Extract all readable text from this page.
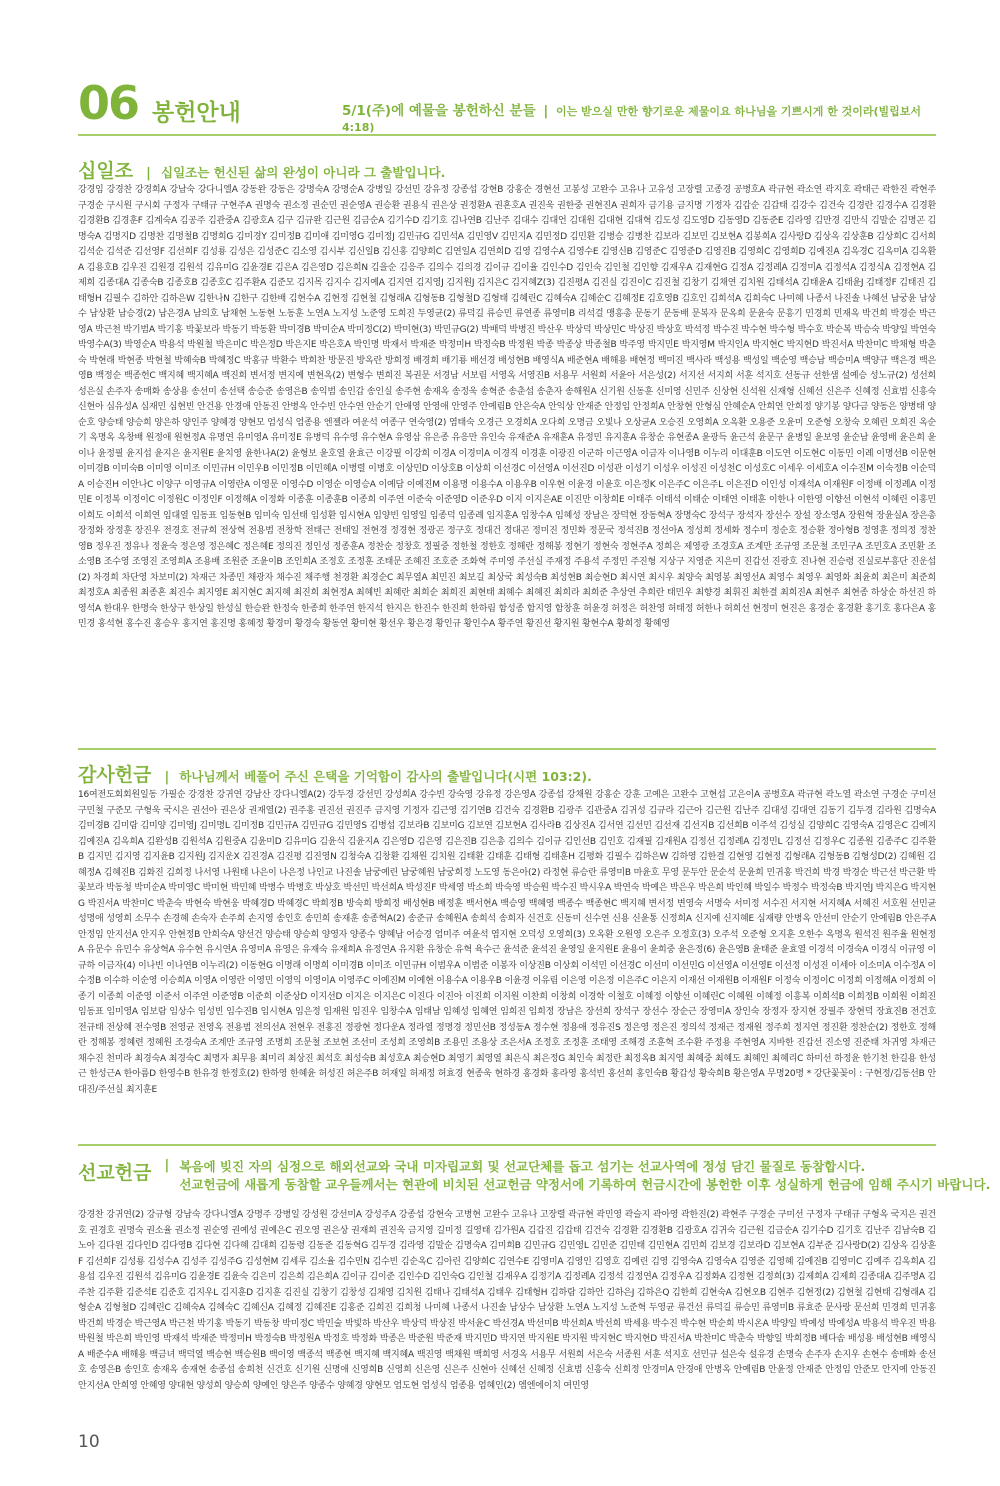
06 봉헌안내	5/1(주)에 예물을 봉헌하신 분들 | 이는 받으실 만한 향기로운 제물이요 하나님을 기쁘시게 한 것이라(빌립보서 4:18)
십일조 | 십일조는 헌신된 삶의 완성이 아니라 그 출발입니다.
강경임 강경찬 강경희A 강남숙 강다니엘A 강동완 강동은 강명숙A 강명순A 강병일 강선민 강유정 강종섭 강현B 강홍순 경현선 고봉성 고완수 고유나 고유성 고장렬 고종경 공병호A 곽규현 곽소연 곽지호 곽태근 곽한진 곽현주 구경순 구시원 구시회 구정자 구태규 구현주A 권명숙 권소정 권순민 권순영A 권승환 권용식 권은상 권정환A 권혼호A 권진욱 권한중 권현진A 권희자 금기용 금지명 기정자 김갑순 김갑태 김강수 김건숙 김경란 김경수A 김경환 김경환B 김경훈F 김계숙A 김공주 김관중A 김광호A 김구 김규완 김근원 김금순A 김기수D 김기호 김나연B 김난주 김대수 김대언 김대원 김대현 김대혁 김도성 김도영D 김동영D 김동준E 김라영 김만경 김만식 김말순 김명곤 김명숙A 김명지D 김명찬 김명철B 김명희G 김미경Y 김미정B 김미애 김미영G 김미정J 김민규G 김민석A 김민영V 김민지A 김민정D 김민환 김병승 김병찬 김보라 김보민 김보현A 김봉희A 김사랑D 김상옥 김상훈B 김상희C 김서희 김석순 김석준 김선영F 김선희F 김성룡 김성은 김성준C 김소영 김시부 김신일B 김신홍 김양희C 김연일A 김연희D 김영 김영수A 김영수E 김영신B 김영준C 김영준D 김영진B 김영희C 김영희D 김예진A 김옥경C 김옥미A 김옥환A 김용호B 김우진 김원경 김원석 김유미G 김윤경E 김은A 김은영D 김은희N 김을순 김응주 김의수 김의경 김이규 김이율 김인수D 김인숙 김인철 김인향 김재우A 김재현G 김정A 김정례A 김정미A 김정석A 김정식A 김정현A 김제희 김종대A 김종숙B 김종호B 김종호C 김주환A 김준모 김지목 김지수 김지예A 김지연 김지영J 김지원J 김지은C 김지혜Z(3) 김진평A 김진실 김진이C 김진철 김창기 김채연 김치원 김태석A 김태윤A 김태윤J 김태정F 김태진 김태형H 김필수 김하안 김하은W 김한나N 김한구 김한배 김현수A 김현정 김현철 김형래A 김형동B 김형철D 김형태 김혜린C 김혜숙A 김혜순C 김혜정E 김호영B 김호인 김희석A 김희숙C 나미혜 나종서 나진솔 나혜선 남궁윤 남상수 남상환 남승경(2) 남은경A 남의호 남채현 노동현 노동훈 노연A 노지성 노준영 도희진 두영균(2) 류덕길 류승민 류연종 류영미B 리석걸 맹흥총 문동기 문동배 문복자 문옥희 문윤숙 문흥기 민경희 민재옥 박건희 박경순 박근영A 박근천 박기범A 박기홍 박꽃보라 박동기 박동환 박미경B 박미순A 박미정C(2) 박미현(3) 박민규G(2) 박배덕 박병진 박산우 박상덕 박상민C 박상진 박상호 박석정 박수진 박수현 박수형 박수호 박순복 박승숙 박양일 박연숙 박영수A(3) 박영순A 박용석 박원철 박은미C 박은정D 박은지E 박은호A 박인명 박재서 박재준 박정미H 박정숙B 박정원 박종 박종상 박종철B 박주영 박지민E 박지영M 박지인A 박지현C 박지현D 박진서A 박찬미C 박채형 박춘숙 박현래 박현종 박현철 박혜숙B 박혜정C 박홍규 박환수 박희찬 방문진 방옥란 방희정 배경희 배기룡 배선경 배성현B 배영식A 배준현A 배해용 배현정 백미진 백사라 백성용 백성일 백순영 백승남 백승미A 백양규 백은경 백은영B 백정순 백종헌C 백지혜 백지혜A 백진희 변서정 변지예 변현옥(2) 변형수 변희진 복권문 서경남 서보림 서영옥 서영진B 서용무 서원희 서윤아 서은성(2) 서지선 서지희 서훈 석지호 선동규 선한샘 설예승 성노규(2) 성선희 성은실 손주자 송매화 송상용 송선미 송선택 송승준 송영은B 송익범 송인갑 송인실 송주현 송재옥 송정욱 송혁준 송춘섭 송춘자 송해원A 신기원 신동훈 신미영 신민주 신상현 신석원 신재형 신혜선 신은주 신혜정 신효범 신흥숙 신현아 심유성A 심재민 심현빈 안건용 안경애 안동진 안병옥 안수빈 안수연 안순기 안애영 안영애 안영주 안예림B 안은숙A 안익상 안재준 안정임 안정희A 안창현 안형심 안혜순A 안희연 안희정 양기봉 양다금 양동은 양병태 양순호 양승태 양승희 양은하 양인주 양혜경 양현모 엄성식 엄종용 엔젤라 여운석 여종구 연숙영(2) 염태숙 오경근 오경희A 오다희 오명금 오빛나 오상균A 오승진 오영희A 오옥환 오용준 오윤미 오준형 오창숙 오혜린 오희진 옥순기 옥명옥 옥창배 원정애 원현정A 유명연 유미영A 유미정E 유병덕 유수영 유수현A 유영삼 유은종 유응만 유인숙 유재준A 유재훈A 유정민 유지훈A 유창순 유현종A 윤광득 윤근석 윤문구 윤병일 윤보영 윤순남 윤영배 윤은희 윤이나 윤정필 윤지섭 윤지은 윤지원E 윤치영 윤한나A(2) 윤형보 윤호열 윤효근 이강필 이강희 이경A 이경미A 이경직 이경훈 이광진 이군하 이근영A 이금자 이나영B 이누리 이대훈B 이도연 이도현C 이동민 이례 이명선B 이문현 이미경B 이미숙B 이미영 이미조 이민규H 이민우B 이민정B 이민혜A 이병렬 이병호 이상민D 이상호B 이상희 이선경C 이선영A 이선진D 이성관 이성기 이성우 이성진 이성천C 이성호C 이세우 이세호A 이수진M 이숙정B 이순덕A 이승진H 이안나C 이양구 이영규A 이영란A 이영문 이영수D 이영순 이영승A 이예담 이예진M 이용명 이용수A 이용우B 이우현 이윤경 이윤호 이은정K 이은주C 이은주L 이은진D 이인성 이재석A 이재원F 이정배 이정례A 이정민E 이정복 이정이C 이정원C 이정인F 이정해A 이정화 이종훈 이종훈B 이종희 이주연 이준숙 이준영D 이준우D 이지 이지은AE 이진만 이창희E 이태주 이태석 이태순 이태연 이태훈 이한나 이한영 이향선 이현석 이혜린 이홍민 이희도 이희석 이희연 임대열 임동표 임동현B 임미숙 임선태 임성환 임시현A 임양빈 임영일 임종덕 임종례 임지훈A 임창수A 임혜성 장남은 장덕현 장동혁A 장명숙C 장석구 장석자 장선수 장설 장소영A 장원혁 장윤실A 장은총 장정화 장정훈 장진우 전경호 전규희 전상혁 전용범 전창학 전태근 전태일 전현경 정경현 정광곤 정구호 정대건 정대곤 정미진 정민화 정문국 정석진B 정선아A 정성희 정세화 정수미 정순호 정승환 정아형B 정영훈 정의정 정찬영B 정우진 정유나 정윤숙 정은영 정은혜C 정은혜E 정의진 정인성 정종훈A 정찬순 정창호 정필중 정한철 정한호 정해란 정해봉 정현기 정현숙 정현주A 정희은 제영광 조경호A 조계만 조규영 조문철 조민구A 조민호A 조민환 조소영B 조수영 조영진 조영희A 조용배 조원준 조윤이B 조인희A 조정호 조정훈 조태문 조혜진 조호준 조화혁 주미영 주선실 주재정 주용석 주정민 주진형 지상구 지영준 지은미 진갑선 진광호 진나현 진승령 진실로부흥단 진운섭(2) 차경희 차단영 차보미(2) 차재근 차종민 채광자 채수진 채주행 천경환 최경순C 최무열A 최민진 최보길 최상국 최성숙B 최성현B 최승현D 최시연 최시우 최양숙 최영봉 최영선A 최영수 최영우 최영화 최윤희 최은미 최준희 최정호A 최종원 최종혼 최진수 최지영E 최지현C 최지혜 최진희 최현정A 최혜빈 최혜란 최희순 최희진 최현태 최혜수 최혜진 최희라 최희준 추상연 추희란 태민우 최향경 최휘진 최한결 최희진A 최현주 최현종 하상순 하선진 하영석A 한대우 한명숙 한상구 한상일 한성실 한승완 한정숙 한종희 한주연 한지석 한지은 한진수 한진희 한하림 함성종 함지영 함창훈 허윤경 허정은 허찬영 허태정 허한나 허희선 현정미 현진은 홍경순 홍경환 홍기호 홍다은A 홍민경 홍석현 홍수진 홍승우 홍지연 홍진명 홍혜정 황경미 황경숙 황동연 황미현 황선우 황은경 황인규 황인수A 황주연 황진선 황지원 황현수A 황희정 황혜영
감사헌금 | 하나님께서 베풀어 주신 은택을 기억함이 감사의 출발입니다(시편 103:2).
16여전도회회원일동 가필순 강경찬 강귀연 강남산 강다니엘A(2) 강두경 강선민 강성희A 강수빈 강숙영 강유정 강은영A 강종섭 강채원 강홍순 강훈 고예은 고완수 고현섭 고은이A 공병호A 곽규현 곽노열 곽소연 구경순 구미선 구민철 구준모 구형욱 국시은 권선아 권은상 권재열(2) 권주홍 권진선 권진주 금지영 기정자 김근영 김기연B 김건숙 김경환B 김광주 김관중A 김귀성 김규라 김근아 김근원 김난주 김대성 김대연 김동기 김두경 김라원 김명숙A 김미경B 김미람 김미양 김미영J 김미명L 김미정B 김민규A 김민규G 김민영S 김병섭 김보라B 김보미G 김보연 김보현A 김사라B 김상진A 김서연 김선민 김선재 김선지B 김선희B 이주석 김성실 김양희C 김영숙A 김영은C 김예지 김예진A 김옥희A 김완성B 김원석A 김원중A 김윤미D 김유미G 김윤식 김윤지A 김은영D 김은영 김은진B 김은총 김의수 김이규 김인선B 김인호 김재필 김재원A 김정선 김정례A 김정민L 김정선 김정우C 김종원 김종주C 김주환B 김지민 김지영 김지윤B 김지원J 김지운X 김진경A 김진평 김진영N 김청숙A 김창환 김채원 김치원 김태환 김태훈 김태형 김태훈H 김평화 김필수 김하은W 김하영 김한결 김현영 김현정 김형래A 김형동B 김형성D(2) 김혜원 김혜정A 김혜진B 김화진 김희정 나서영 나원태 나은이 나은정 나인교 나진솔 남궁예린 남궁혜원 남궁희정 노도영 동은아(2) 라정현 류승란 류영미B 마윤호 무영 문두안 문순석 문윤희 민귀홍 박건희 박경 박경순 박근선 박근환 박꽃보라 박동청 박미순A 박미영C 박미현 박민혜 박병수 박병호 박상호 박선민 박선희A 박성진F 박세영 박소희 박숙영 박승원 박수진 박시우A 박연숙 박예은 박은우 박은희 박인혜 박일수 박정수 박정숙B 박지연J 박지은G 박지현G 박진서A 박찬미C 박춘숙 박현숙 박현웅 박혜경D 박혜경C 박희정B 방숙희 방희정 배성현B 배정훈 백서현A 백승영 백혜영 백종수 백종현C 백지혜 변서정 변영숙 서명숙 서미정 서수진 서지현 서지혜A 서혜진 서호원 선민균 성명애 성영희 소무수 손경혜 손숙자 손주희 손지영 송인호 송민희 송재훈 송종혁A(2) 송준규 송혜원A 송희석 송희자 신건호 신동미 신수연 신용 신윤통 신정희A 신지예 신지혜E 심재량 안병옥 안선미 안순기 안예림B 안은주A 안정임 안지선A 안지우 안현정B 안희숙A 양선건 양승태 양승희 양영자 양종수 양혜남 어승경 엄미주 여윤석 염지현 오덕성 오영희(3) 오옥환 오원영 오은주 오정호(3) 오주석 오준형 오지훈 오한수 옥명옥 원석진 원주율 원현정A 유문수 유민수 유상혁A 유수현 유시연A 유영미A 유영은 유재숙 유재희A 유정연A 유지환 유창순 유혁 육수근 윤석준 윤석진 윤영일 윤지원E 윤용이 윤희중 윤은정(6) 윤은영B 윤태준 윤효열 이경석 이경숙A 이경식 이규영 이규하 이금자(4) 이나빈 이나연B 이누리(2) 이동현G 이명래 이명희 이미경B 이미조 이민규H 이범우A 이범준 이봉자 이상진B 이상회 이석민 이선경C 이선미 이선민G 이선영A 이선영E 이선정 이성진 이세아 이소미A 이수정A 이수정B 이수하 이순영 이승희A 이영A 이영란 이영민 이영익 이영이A 이영주C 이예진M 이예현 이용수A 이용우B 이윤경 이유림 이은영 이은정 이은주C 이은지 이재선 이재원B 이재원F 이정숙 이정이C 이정희 이정해A 이정희 이종기 이종희 이준영 이준서 이주연 이준영B 이준희 이준상D 이지선D 이지은 이지은C 이진다 이진아 이진희 이지원 이찬희 이창희 이경학 이철호 이혜정 이향선 이혜린C 이혜원 이혜정 이흥복 이희석B 이희정B 이희원 이희진 임동표 임미영A 임보람 임상수 임성빈 임수진B 임시현A 임은정 임재원 임진우 임창수A 임태남 임혜성 임혜연 임희진 임희정 장남은 장선희 장석구 장선수 장순근 장영미A 장인숙 장정자 장지현 장필주 장현덕 장효진B 전건호 전규태 전상혜 전수영B 전영균 전영옥 전용범 전의선A 전현우 전홍진 정광현 정다운A 정라열 정명경 정민선B 정성동A 정수현 정용애 정유진S 정은영 정은진 정의석 정재근 정재원 정주희 정지연 정진환 정찬순(2) 정한호 정해란 정해봉 정혜련 정혜원 조경숙A 조계만 조규영 조명희 조문철 조보현 조선미 조성희 조영희B 조용민 조용상 조은서A 조정호 조정훈 조태영 조해경 조훈혁 조수환 주정용 주현영A 지바한 진갑선 진소영 진준태 차귀영 차재근 채수진 천미라 최경숙A 최경숙C 최명자 최무용 최미리 최상진 최석호 최성숙B 최성호A 최승현D 최영기 최영열 최은식 최은정G 최인숙 최정란 최정옥B 최지영 최혜중 최혜도 최혜인 최혜리C 하미선 하정윤 한기천 한길용 한성근 한성근A 한아름D 한영수B 한유경 한정호(2) 한하영 한혜윤 허성진 허은주B 허재일 허재정 허효경 현종욱 현하경 홍경화 홍라영 홍석빈 홍선희 홍인숙B 황갑성 황숙희B 황은영A 무명20명 * 강단꽃꽂이 : 구현정/김동선B 안대진/주선실 최지훈E
선교헌금 | 복음에 빚진 자의 심정으로 해외선교와 국내 미자립교회 및 선교단체를 돕고 섬기는 선교사역에 정성 담긴 물질로 동참합시다.
선교헌금에 새롭게 동참할 교우들께서는 현관에 비치된 선교헌금 약정서에 기록하여 헌금시간에 봉헌한 이후 성실하게 헌금에 임해 주시기 바랍니다.
강경찬 강귀연(2) 강규형 강남숙 강다니엘A 강명주 강병일 강성원 강선미A 강성주A 강종섭 강현숙 고병현 고완수 고유나 고장렬 곽규현 곽민영 곽슬지 곽아영 곽한진(2) 곽현주 구경순 구미선 구정자 구태규 구형옥 국지은 권건호 권경호 권명숙 권소율 권소정 권순영 권예성 권예은C 권오영 권은상 권재희 권진욱 금지영 길미정 길영태 김가원A 김갑진 김갑태 김건숙 김경환 김경환B 김광호A 김귀숙 김근원 김금순A 김기수D 김기호 김난주 김남숙B 김노아 김다윈 김다인D 김다영B 김다현 김다혜 김대희 김동령 김동준 김동혁G 김두경 김라영 김말순 김명숙A 김미희B 김민규G 김민영L 김민준 김민태 김민현A 김민희 김보경 김보라D 김보현A 김부준 김사랑D(2) 김상옥 김상훈F 김선희F 김성룡 김성수A 김성주 김성주G 김성현M 김세루 김소율 김수민N 김수빈 김순옥C 김아린 김양희C 김연수E 김영미A 김영인 김영호 김예린 김영 김영숙A 김영숙A 김영준 김영혜 김예진B 김영미C 김예주 김옥희A 김용섭 김우진 김원석 김유미G 김윤경E 김윤숙 김은미 김은희 김은희A 김이규 김이준 김인수D 김인숙G 김인철 김재우A 김정기A 김정례A 김정석 김정연A 김정우A 김정화A 김정현 김정희(3) 김제희A 김제희 김종대A 김주명A 김주찬 김주환 김준석E 김준호 김지우L 김지훈D 김지훈 김진실 김창기 김창성 김채영 김치원 김태나 김태석A 김태우 김태형H 김하람 김하안 김하은J 김하은Q 김한희 김현숙A 김현오B 김현주 김현정(2) 김현철 김현태 김형래A 김형순A 김형철D 김혜린C 김혜숙A 김혜숙C 김혜신A 김혜정 김혜진E 김홍준 김희진 김희청 나미혜 나종서 나진솔 남상수 남상환 노연A 노지성 노준혁 두영균 류건선 류덕길 류승민 류영미B 류효준 문사랑 문선희 민경희 민귀홍 박건희 박경순 박근영A 박근천 박기홍 박동기 박동창 박미정C 박민술 박빛하 박산우 박상덕 박상진 박서윤C 박선경A 박선미B 박선희A 박선희 박세용 박수진 박수현 박순희 박시온A 박양일 박예성 박예성A 박용석 박우진 박용 박원철 박은희 박인영 박재석 박재준 박정미H 박정숙B 박정원A 박정호 박정화 박종은 박준원 박준재 박지민D 박지연 박지원E 박지원 박지현C 박지현D 박진서A 박찬미C 박춘숙 박향일 박희정B 배다솜 배성용 배성현B 배영식A 배준수A 배해용 백금녀 백덕열 백승현 백승원B 백이영 백종석 백종현 백지혜 백지혜A 백진영 백채원 백희영 서경옥 서용무 서원희 서은숙 서종원 서훈 석지호 선민규 설은숙 설유경 손명숙 손주자 손지우 손현수 송매화 송선호 송영은B 송인호 송재옥 송재현 송종섭 송희천 신건호 신기원 신명애 신영희B 신영희 신은영 신은주 신현아 신혜선 신혜정 신효범 신흥숙 신희정 안경미A 안경애 안병옥 안예림B 안윤정 안재준 안정임 안준모 안지예 안동진 안지선A 안희영 안혜영 양대현 양성희 양승희 양예인 양은주 양종수 양혜경 양현모 엄도현 엄성식 엄종용 엄혜인(2) 엠엔에이치 여민영
10
